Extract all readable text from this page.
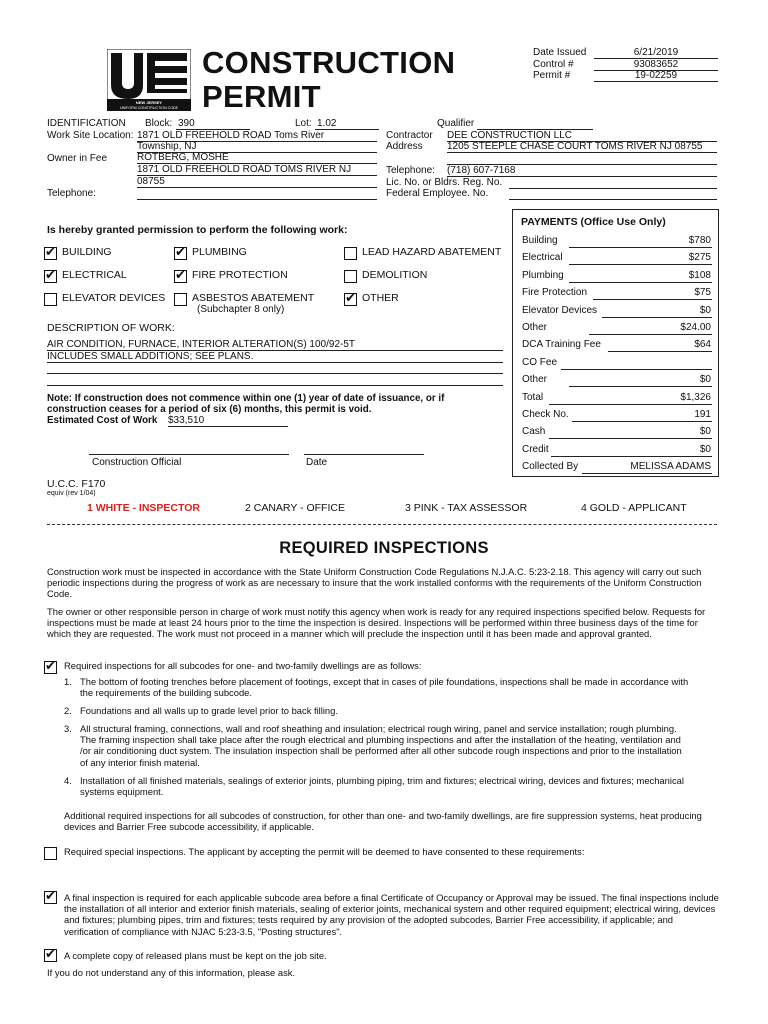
NEW JERSEY
UNIFORM CONSTRUCTION CODE
CONSTRUCTION
PERMIT
Date Issued	6/21/2019
Control #	93083652
Permit #	19-02259
IDENTIFICATION Block: 390	Lot: 1.02	Qualifier
Work Site Location: 1871 OLD FREEHOLD ROAD Toms River
Township, NJ
Owner in Fee	ROTBERG, MOSHE
1871 OLD FREEHOLD ROAD TOMS RIVER NJ
08755
Telephone:
Contractor DEE CONSTRUCTION LLC
Address 1205 STEEPLE CHASE COURT TOMS RIVER NJ 08755
Telephone: (718) 607-7168
Lic. No. or Bldrs. Reg. No.
Federal Employee. No.
Is hereby granted permission to perform the following work:
✔
BUILDING ✔	PLUMBING	LEAD HAZARD ABATEMENT
✔
ELECTRICAL ✔	FIRE PROTECTION	DEMOLITION
ELEVATOR DEVICES	ASBESTOS ABATEMENT ✔	OTHER
(Subchapter 8 only)
DESCRIPTION OF WORK:
AIR CONDITION, FURNACE, INTERIOR ALTERATION(S) 100/92-5T
INCLUDES SMALL ADDITIONS; SEE PLANS.
Note: If construction does not commence within one (1) year of date of issuance, or if construction ceases for a period of six (6) months, this permit is void.
Estimated Cost of Work $33,510
Construction Official	Date
PAYMENTS (Office Use Only)
Building	$780
Electrical	$275
Plumbing	$108
Fire Protection	$75
Elevator Devices	$0
Other	$24.00
DCA Training Fee	$64
CO Fee
Other	$0
Total	$1,326
Check No.	191
Cash	$0
Credit	$0
Collected By	MELISSA ADAMS
U.C.C. F170
equiv (rev 1/04)
1 WHITE - INSPECTOR	2 CANARY - OFFICE	3 PINK - TAX ASSESSOR	4 GOLD - APPLICANT
REQUIRED INSPECTIONS
Construction work must be inspected in accordance with the State Uniform Construction Code Regulations N.J.A.C. 5:23-2.18. This agency will carry out such periodic inspections during the progress of work as are necessary to insure that the work installed conforms with the requirements of the Uniform Construction Code.
The owner or other responsible person in charge of work must notify this agency when work is ready for any required inspections specified below. Requests for inspections must be made at least 24 hours prior to the time the inspection is desired. Inspections will be performed within three business days of the time for which they are requested. The work must not proceed in a manner which will preclude the inspection until it has been made and approval granted.
✔
Required inspections for all subcodes for one- and two-family dwellings are as follows:
1. The bottom of footing trenches before placement of footings, except that in cases of pile foundations, inspections shall be made in accordance with the requirements of the building subcode.
2. Foundations and all walls up to grade level prior to back filling.
3. All structural framing, connections, wall and roof sheathing and insulation; electrical rough wiring, panel and service installation; rough plumbing. The framing inspection shall take place after the rough electrical and plumbing inspections and after the installation of the heating, ventilation and /or air conditioning duct system. The insulation inspection shall be performed after all other subcode rough inspections and prior to the installation of any interior finish material.
4. Installation of all finished materials, sealings of exterior joints, plumbing piping, trim and fixtures; electrical wiring, devices and fixtures; mechanical systems equipment.
Additional required inspections for all subcodes of construction, for other than one- and two-family dwellings, are fire suppression systems, heat producing devices and Barrier Free subcode accessibility, if applicable.
Required special inspections. The applicant by accepting the permit will be deemed to have consented to these requirements:
✔
A final inspection is required for each applicable subcode area before a final Certificate of Occupancy or Approval may be issued. The final inspections include the installation of all interior and exterior finish materials, sealing of exterior joints, mechanical system and other required equipment; electrical wiring, devices and fixtures; plumbing pipes, trim and fixtures; tests required by any provision of the adopted subcodes, Barrier Free accessibility, if applicable; and verification of compliance with NJAC 5:23-3.5, "Posting structures".
✔
A complete copy of released plans must be kept on the job site.
If you do not understand any of this information, please ask.
